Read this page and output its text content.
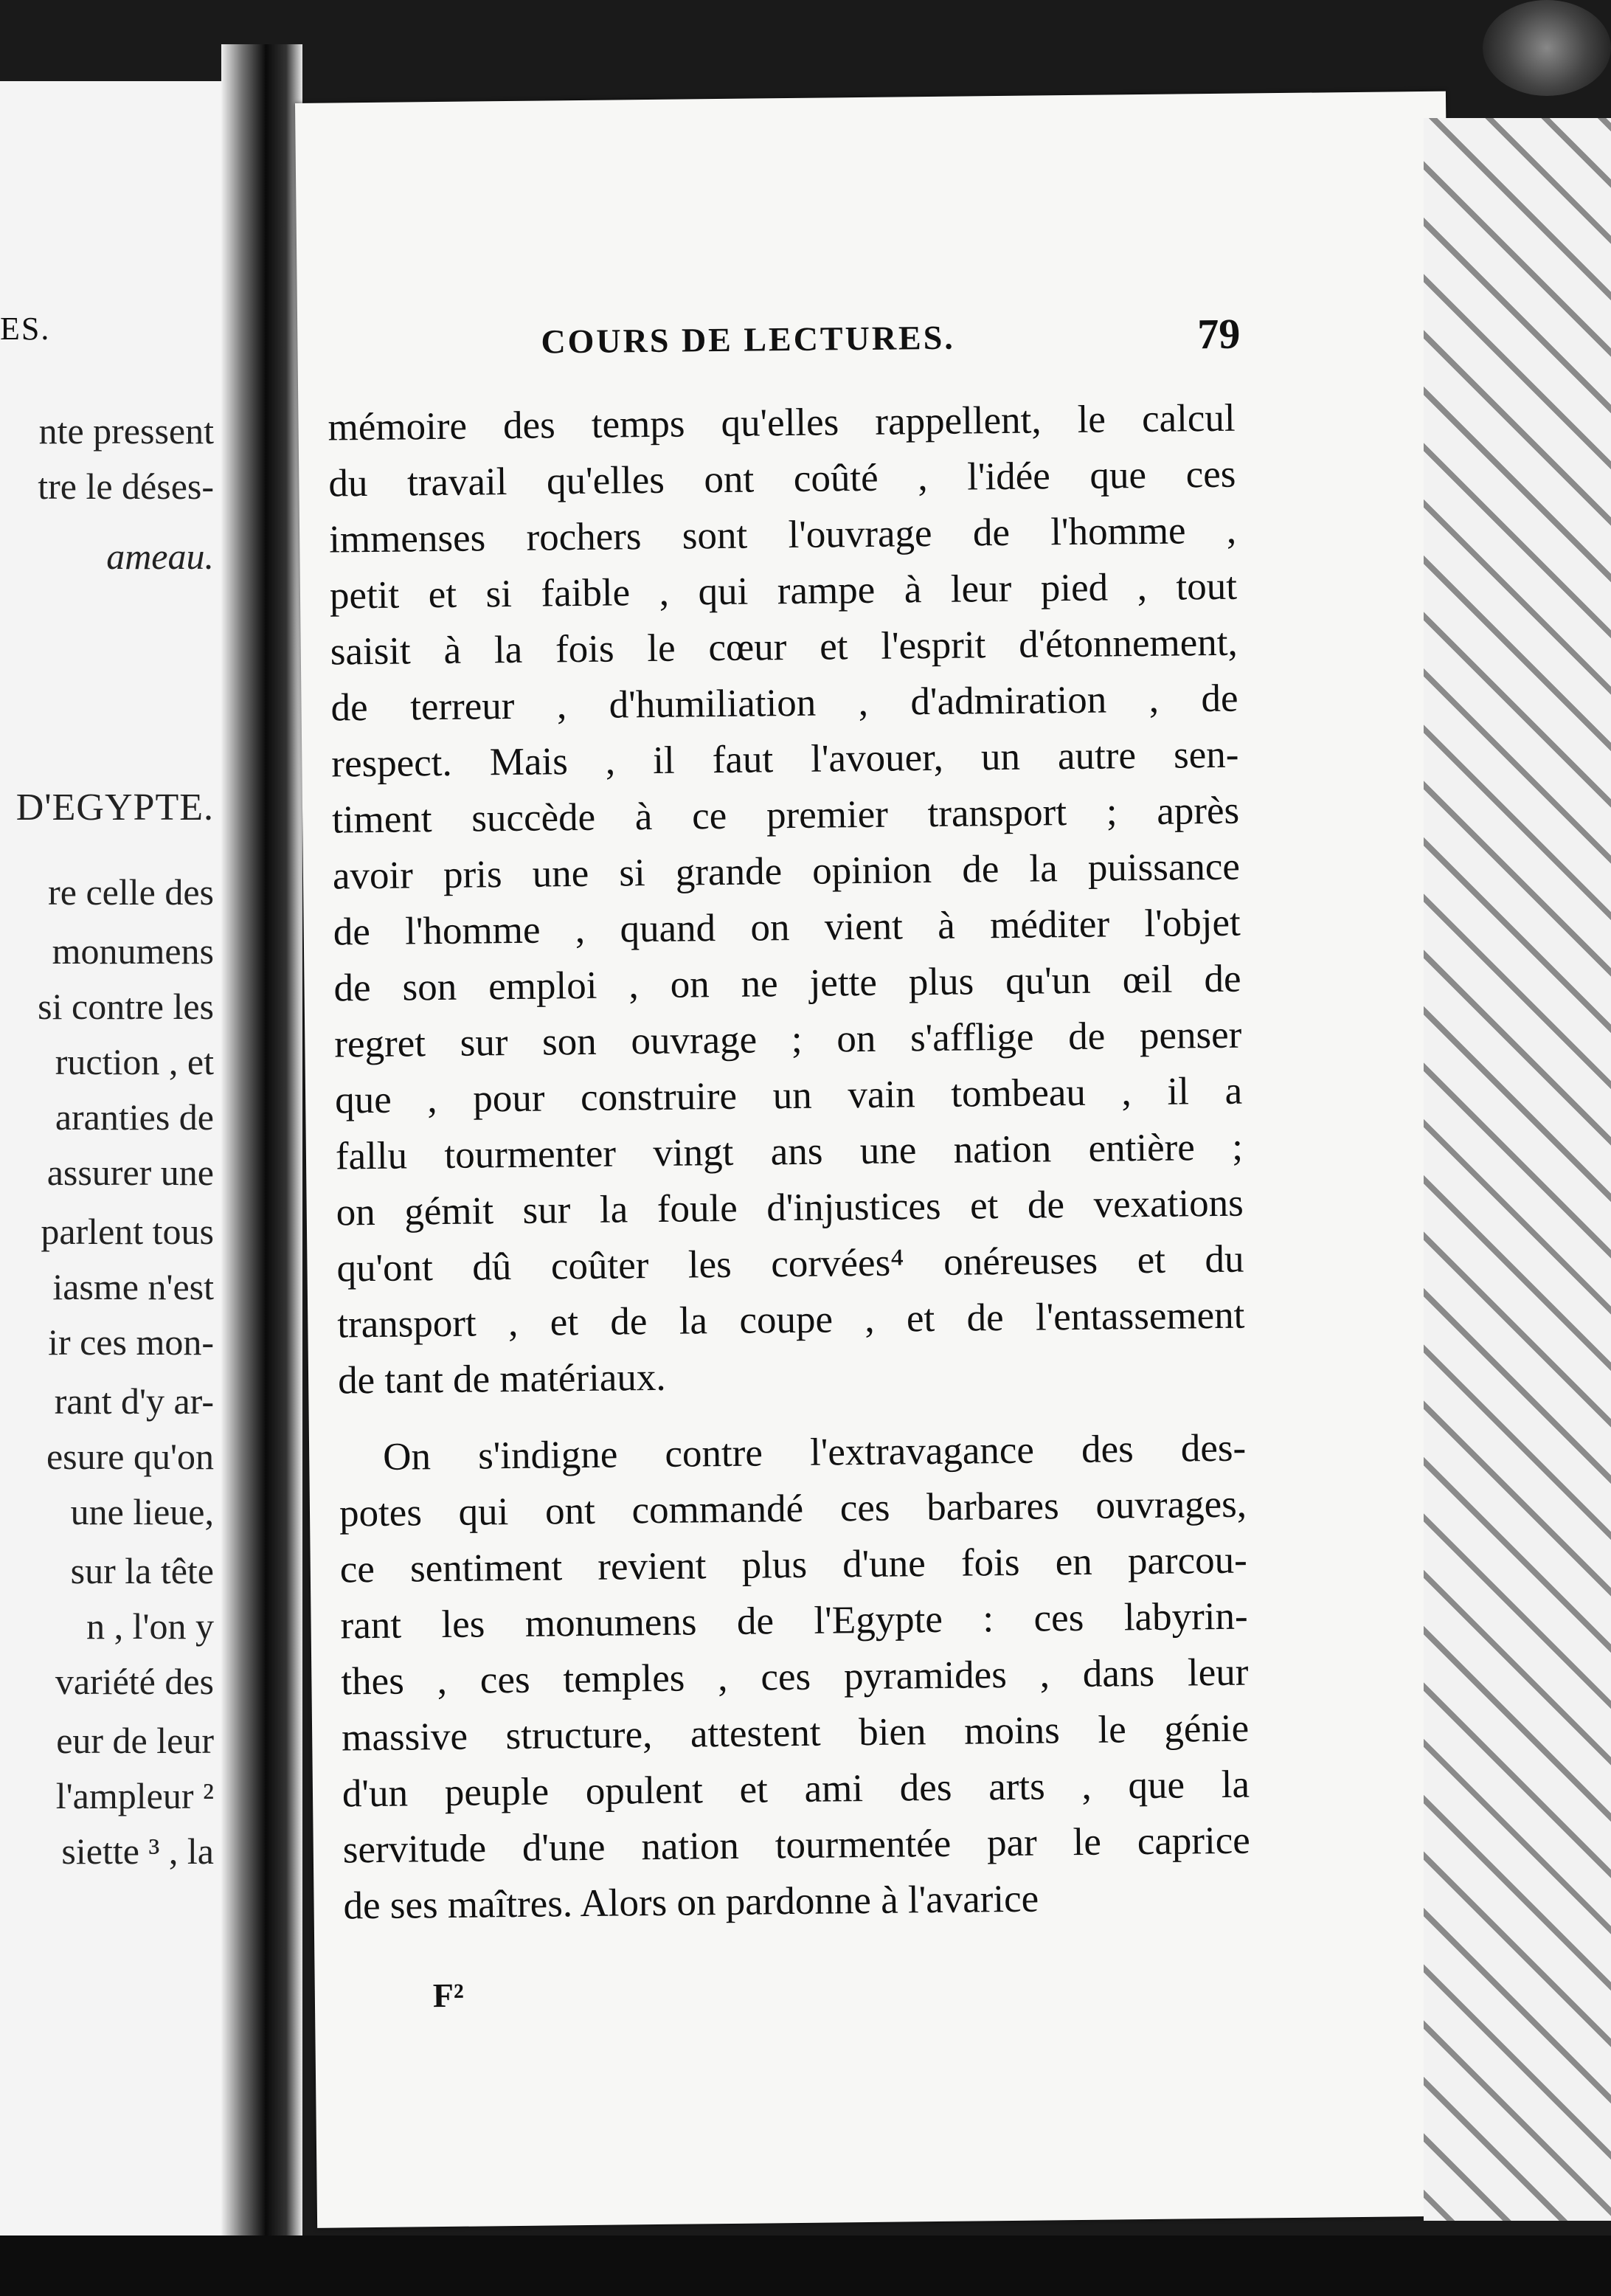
ES.
nte pressent
tre le déses-
ameau.
D'EGYPTE.
re celle des
monumens
si contre les
ruction , et
aranties de
assurer une
parlent tous
iasme n'est
ir ces mon-
rant d'y ar-
esure qu'on
une lieue,
sur la tête
n , l'on y
variété des
eur de leur
l'ampleur ²
siette ³ , la
COURS DE LECTURES.	79
mémoire des temps qu'elles rappellent, le calcul
du travail qu'elles ont coûté , l'idée que ces
immenses rochers sont l'ouvrage de l'homme ,
petit et si faible , qui rampe à leur pied , tout
saisit à la fois le cœur et l'esprit d'étonnement,
de terreur , d'humiliation , d'admiration , de
respect. Mais , il faut l'avouer, un autre sen-
timent succède à ce premier transport ; après
avoir pris une si grande opinion de la puissance
de l'homme , quand on vient à méditer l'objet
de son emploi , on ne jette plus qu'un œil de
regret sur son ouvrage ; on s'afflige de penser
que , pour construire un vain tombeau , il a
fallu tourmenter vingt ans une nation entière ;
on gémit sur la foule d'injustices et de vexations
qu'ont dû coûter les corvées⁴ onéreuses et du
transport , et de la coupe , et de l'entassement
de tant de matériaux.
On s'indigne contre l'extravagance des des-
potes qui ont commandé ces barbares ouvrages,
ce sentiment revient plus d'une fois en parcou-
rant les monumens de l'Egypte : ces labyrin-
thes , ces temples , ces pyramides , dans leur
massive structure, attestent bien moins le génie
d'un peuple opulent et ami des arts , que la
servitude d'une nation tourmentée par le caprice
de ses maîtres. Alors on pardonne à l'avarice
F²
